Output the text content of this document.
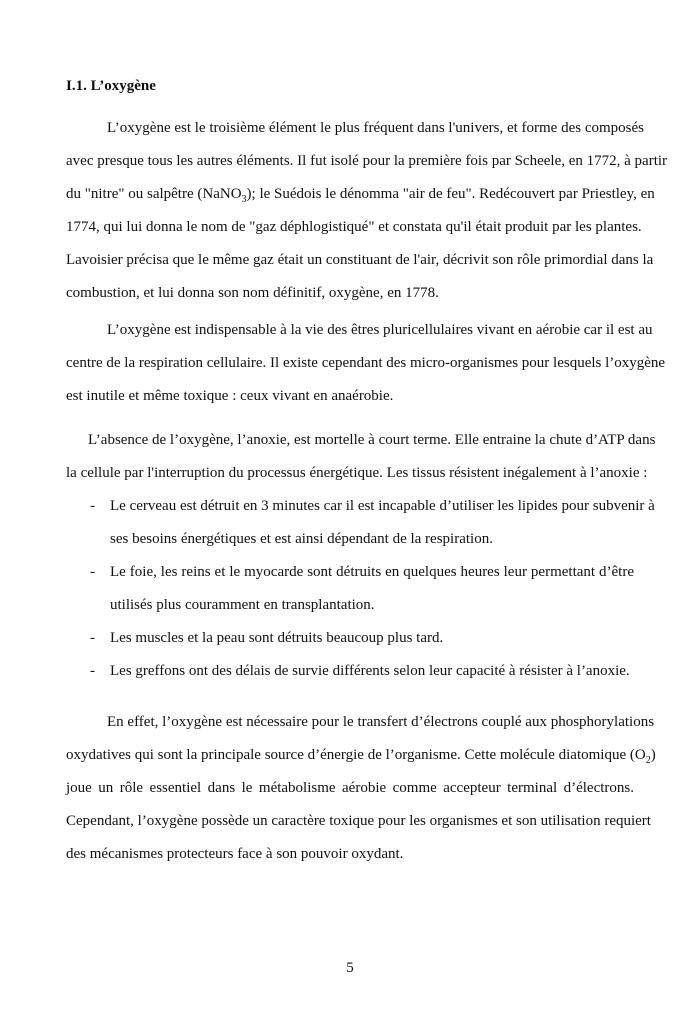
I.1. L’oxygène
L’oxygène est le troisième élément le plus fréquent dans l'univers, et forme des composés
avec presque tous les autres éléments. Il fut isolé pour la première fois par Scheele, en 1772, à partir
du "nitre" ou salpêtre (NaNO$_3$); le Suédois le dénomma "air de feu". Redécouvert par Priestley, en
1774, qui lui donna le nom de "gaz déphlogistiqué" et constata qu'il était produit par les plantes.
Lavoisier précisa que le même gaz était un constituant de l'air, décrivit son rôle primordial dans la
combustion, et lui donna son nom définitif, oxygène, en 1778.
L’oxygène est indispensable à la vie des êtres pluricellulaires vivant en aérobie car il est au
centre de la respiration cellulaire. Il existe cependant des micro-organismes pour lesquels l’oxygène
est inutile et même toxique : ceux vivant en anaérobie.
L’absence de l’oxygène, l’anoxie, est mortelle à court terme. Elle entraine la chute d’ATP dans
la cellule par l'interruption du processus énergétique. Les tissus résistent inégalement à l’anoxie :
- Le cerveau est détruit en 3 minutes car il est incapable d’utiliser les lipides pour subvenir à
ses besoins énergétiques et est ainsi dépendant de la respiration.
- Le foie, les reins et le myocarde sont détruits en quelques heures leur permettant d’être
utilisés plus couramment en transplantation.
- Les muscles et la peau sont détruits beaucoup plus tard.
- Les greffons ont des délais de survie différents selon leur capacité à résister à l’anoxie.
En effet, l’oxygène est nécessaire pour le transfert d’électrons couplé aux phosphorylations
oxydatives qui sont la principale source d’énergie de l’organisme. Cette molécule diatomique $(O_2)$
joue un rôle essentiel dans le métabolisme aérobie comme accepteur terminal d’électrons.
Cependant, l’oxygène possède un caractère toxique pour les organismes et son utilisation requiert
des mécanismes protecteurs face à son pouvoir oxydant.
5
